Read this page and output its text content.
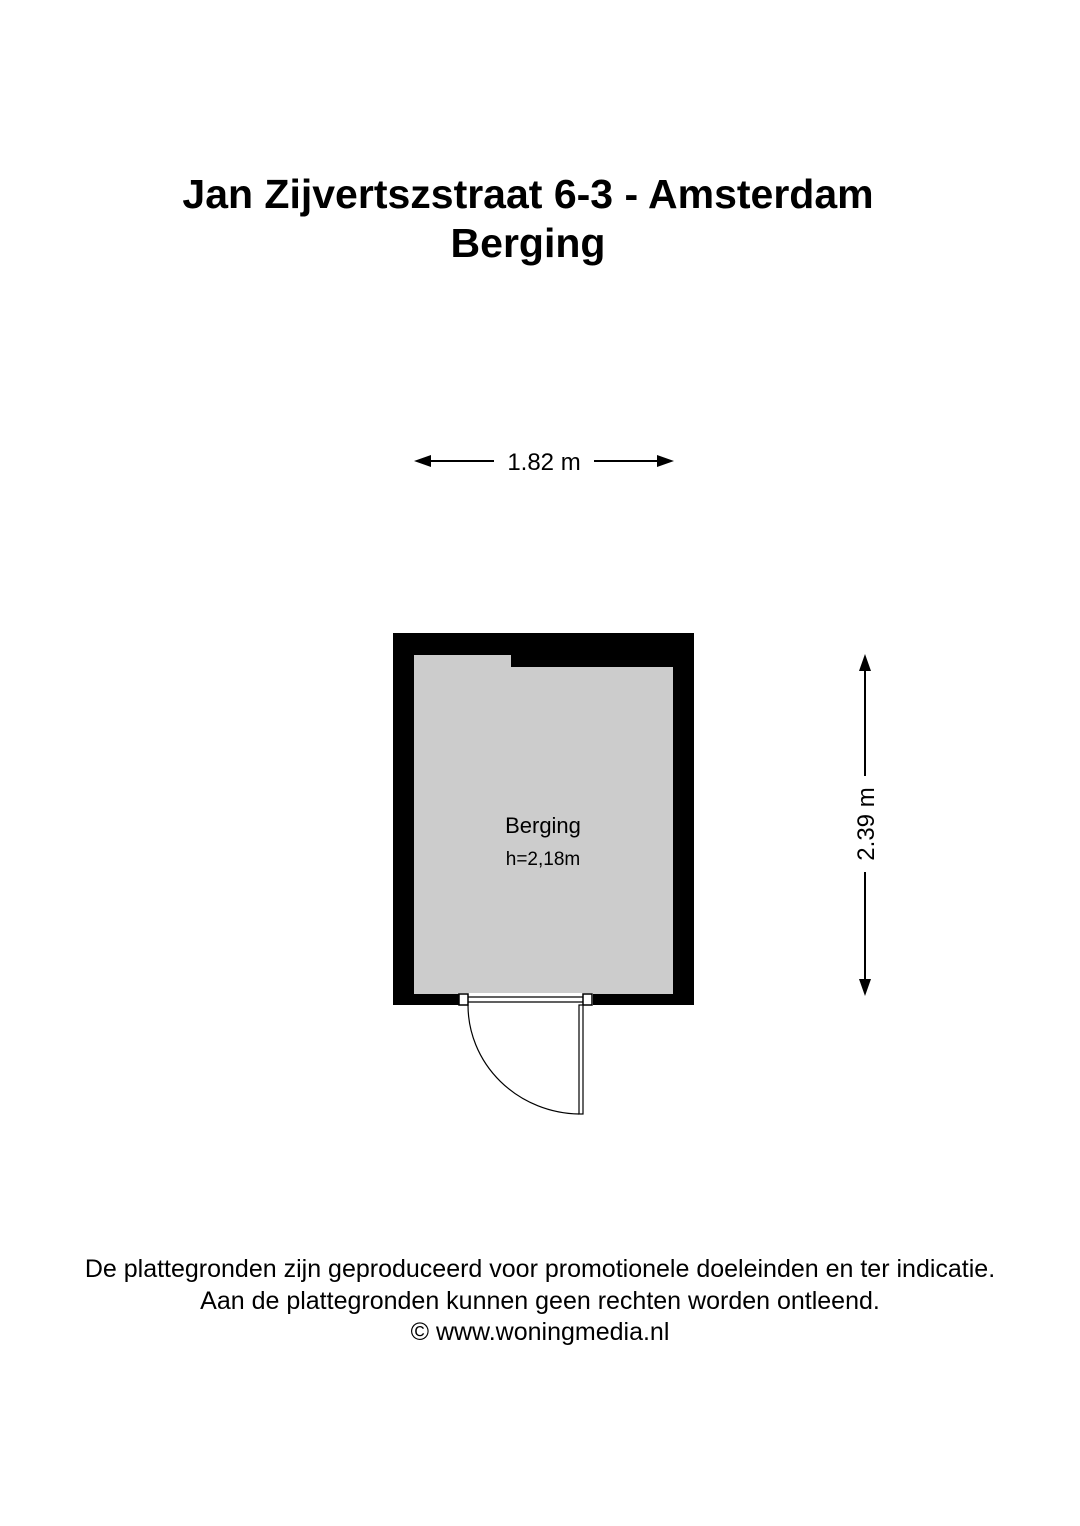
Jan Zijvertszstraat 6-3 - Amsterdam
Berging
1.82 m
2.39 m
Berging
h=2,18m
De plattegronden zijn geproduceerd voor promotionele doeleinden en ter indicatie.
Aan de plattegronden kunnen geen rechten worden ontleend.
© www.woningmedia.nl
